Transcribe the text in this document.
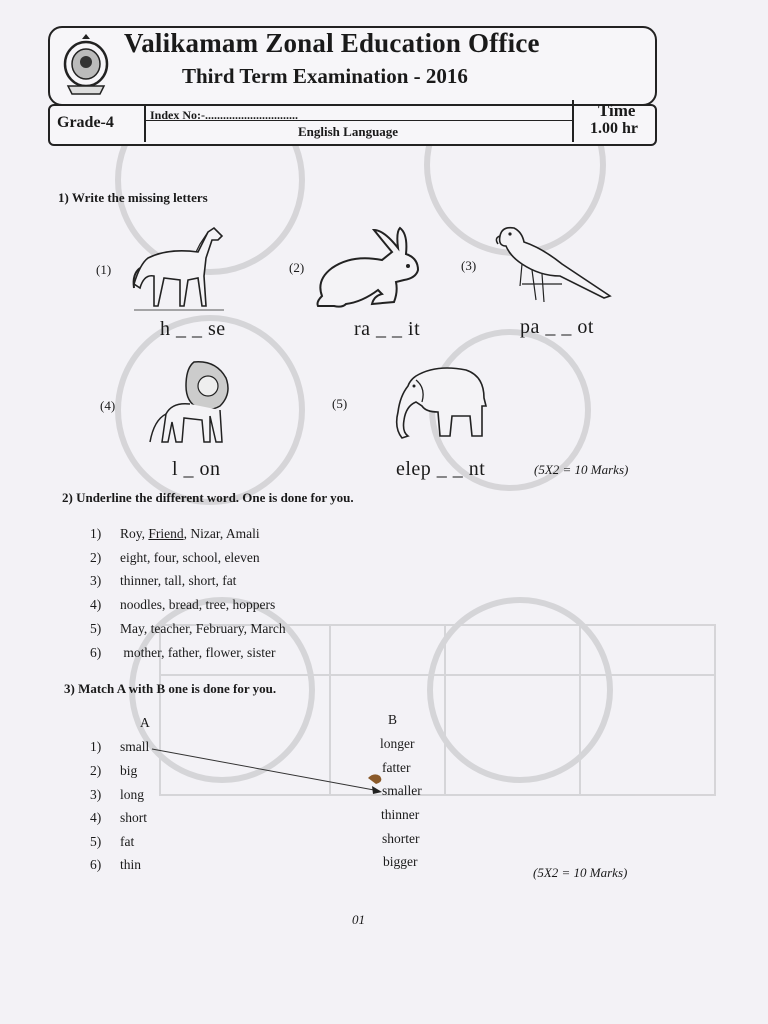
Valikamam Zonal Education Office
Third Term Examination - 2016
Grade-4	Index No:-...............................
English Language
Time
1.00 hr
1) Write the missing letters
(1)
h _ _ se
(2)
ra _ _ it
(3)
pa _ _ ot
(4)
l _ on
(5)
elep _ _ nt	(5X2 = 10 Marks)
2) Underline the different word. One is done for you.
1) Roy, Friend, Nizar, Amali
2) eight, four, school, eleven
3) thinner, tall, short, fat
4) noodles, bread, tree, hoppers
5) May, teacher, February, March
6) mother, father, flower, sister
3) Match A with B one is done for you.
A	B
1) small
2) big
3) long
4) short
5) fat
6) thin
longer
fatter
smaller
thinner
shorter
bigger
(5X2 = 10 Marks)
01
